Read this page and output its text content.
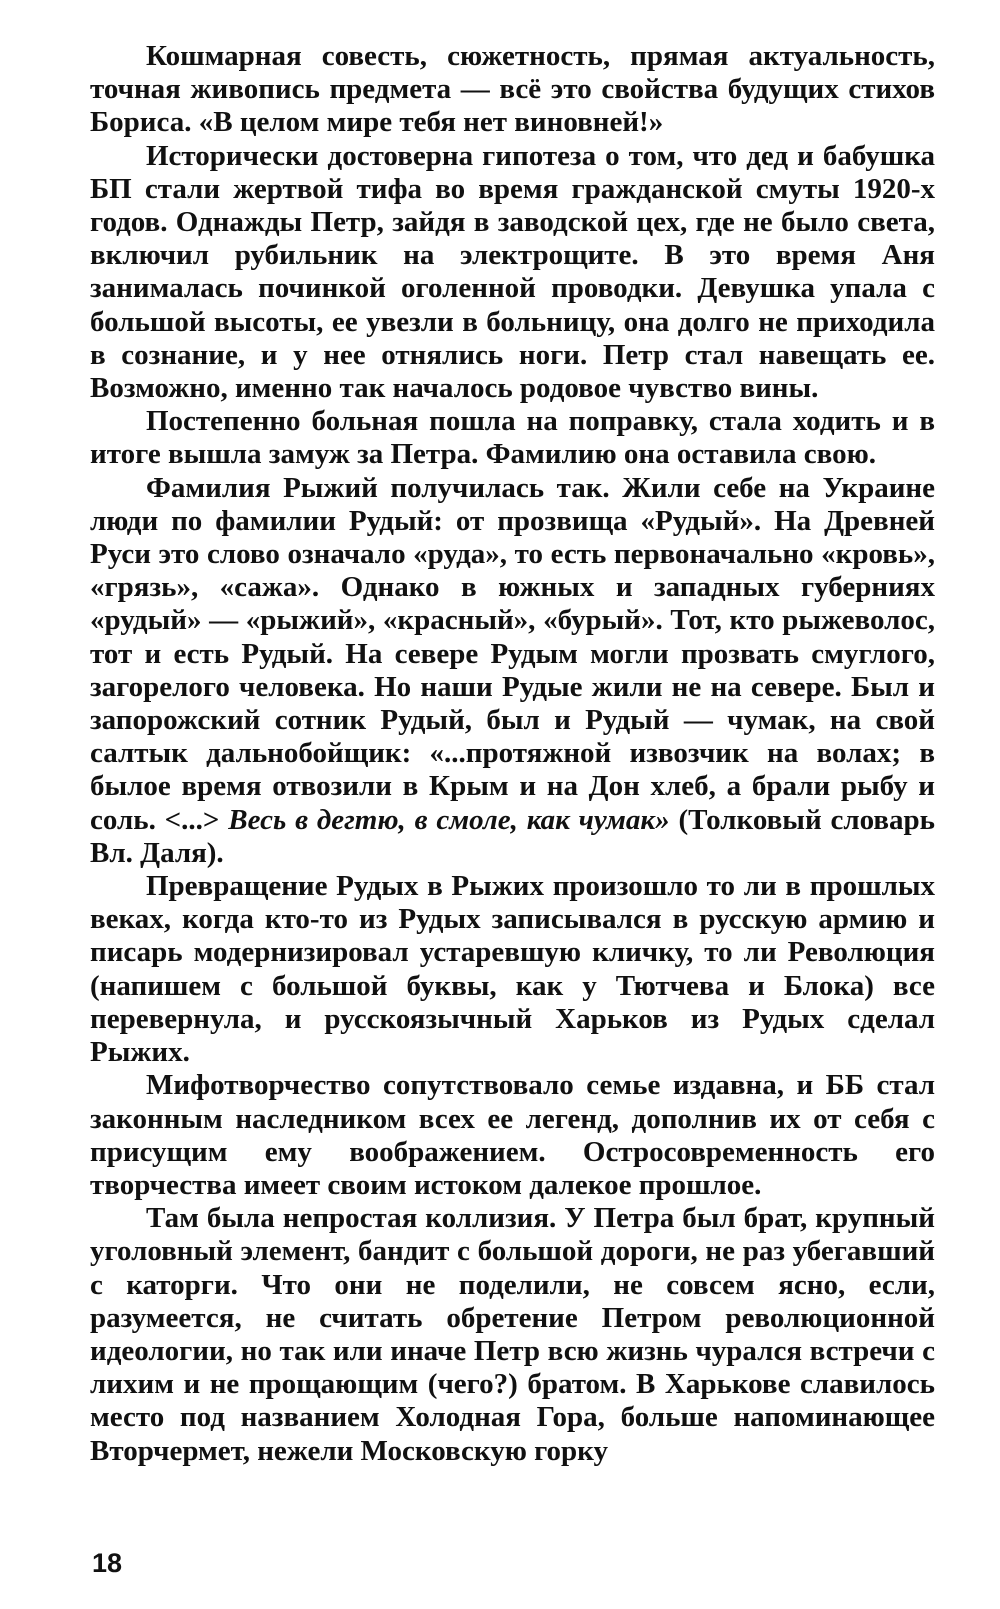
Кошмарная совесть, сюжетность, прямая актуальность, точная живопись предмета — всё это свойства будущих стихов Бориса. «В целом мире тебя нет виновней!»

Исторически достоверна гипотеза о том, что дед и бабушка БП стали жертвой тифа во время гражданской смуты 1920-х годов. Однажды Петр, зайдя в заводской цех, где не было света, включил рубильник на электрощите. В это время Аня занималась починкой оголенной проводки. Девушка упала с большой высоты, ее увезли в больницу, она долго не приходила в сознание, и у нее отнялись ноги. Петр стал навещать ее. Возможно, именно так началось родовое чувство вины.

Постепенно больная пошла на поправку, стала ходить и в итоге вышла замуж за Петра. Фамилию она оставила свою.

Фамилия Рыжий получилась так. Жили себе на Украине люди по фамилии Рудый: от прозвища «Рудый». На Древней Руси это слово означало «руда», то есть первоначально «кровь», «грязь», «сажа». Однако в южных и западных губерниях «рудый» — «рыжий», «красный», «бурый». Тот, кто рыжеволос, тот и есть Рудый. На севере Рудым могли прозвать смуглого, загорелого человека. Но наши Рудые жили не на севере. Был и запорожский сотник Рудый, был и Рудый — чумак, на свой салтык дальнобойщик: «...протяжной извозчик на волах; в былое время отвозили в Крым и на Дон хлеб, а брали рыбу и соль. <...> Весь в дегтю, в смоле, как чумак» (Толковый словарь Вл. Даля).

Превращение Рудых в Рыжих произошло то ли в прошлых веках, когда кто-то из Рудых записывался в русскую армию и писарь модернизировал устаревшую кличку, то ли Революция (напишем с большой буквы, как у Тютчева и Блока) все перевернула, и русскоязычный Харьков из Рудых сделал Рыжих.

Мифотворчество сопутствовало семье издавна, и ББ стал законным наследником всех ее легенд, дополнив их от себя с присущим ему воображением. Остросовременность его творчества имеет своим истоком далекое прошлое.

Там была непростая коллизия. У Петра был брат, крупный уголовный элемент, бандит с большой дороги, не раз убегавший с каторги. Что они не поделили, не совсем ясно, если, разумеется, не считать обретение Петром революционной идеологии, но так или иначе Петр всю жизнь чурался встречи с лихим и не прощающим (чего?) братом. В Харькове славилось место под названием Холодная Гора, больше напоминающее Вторчермет, нежели Московскую горку

18
